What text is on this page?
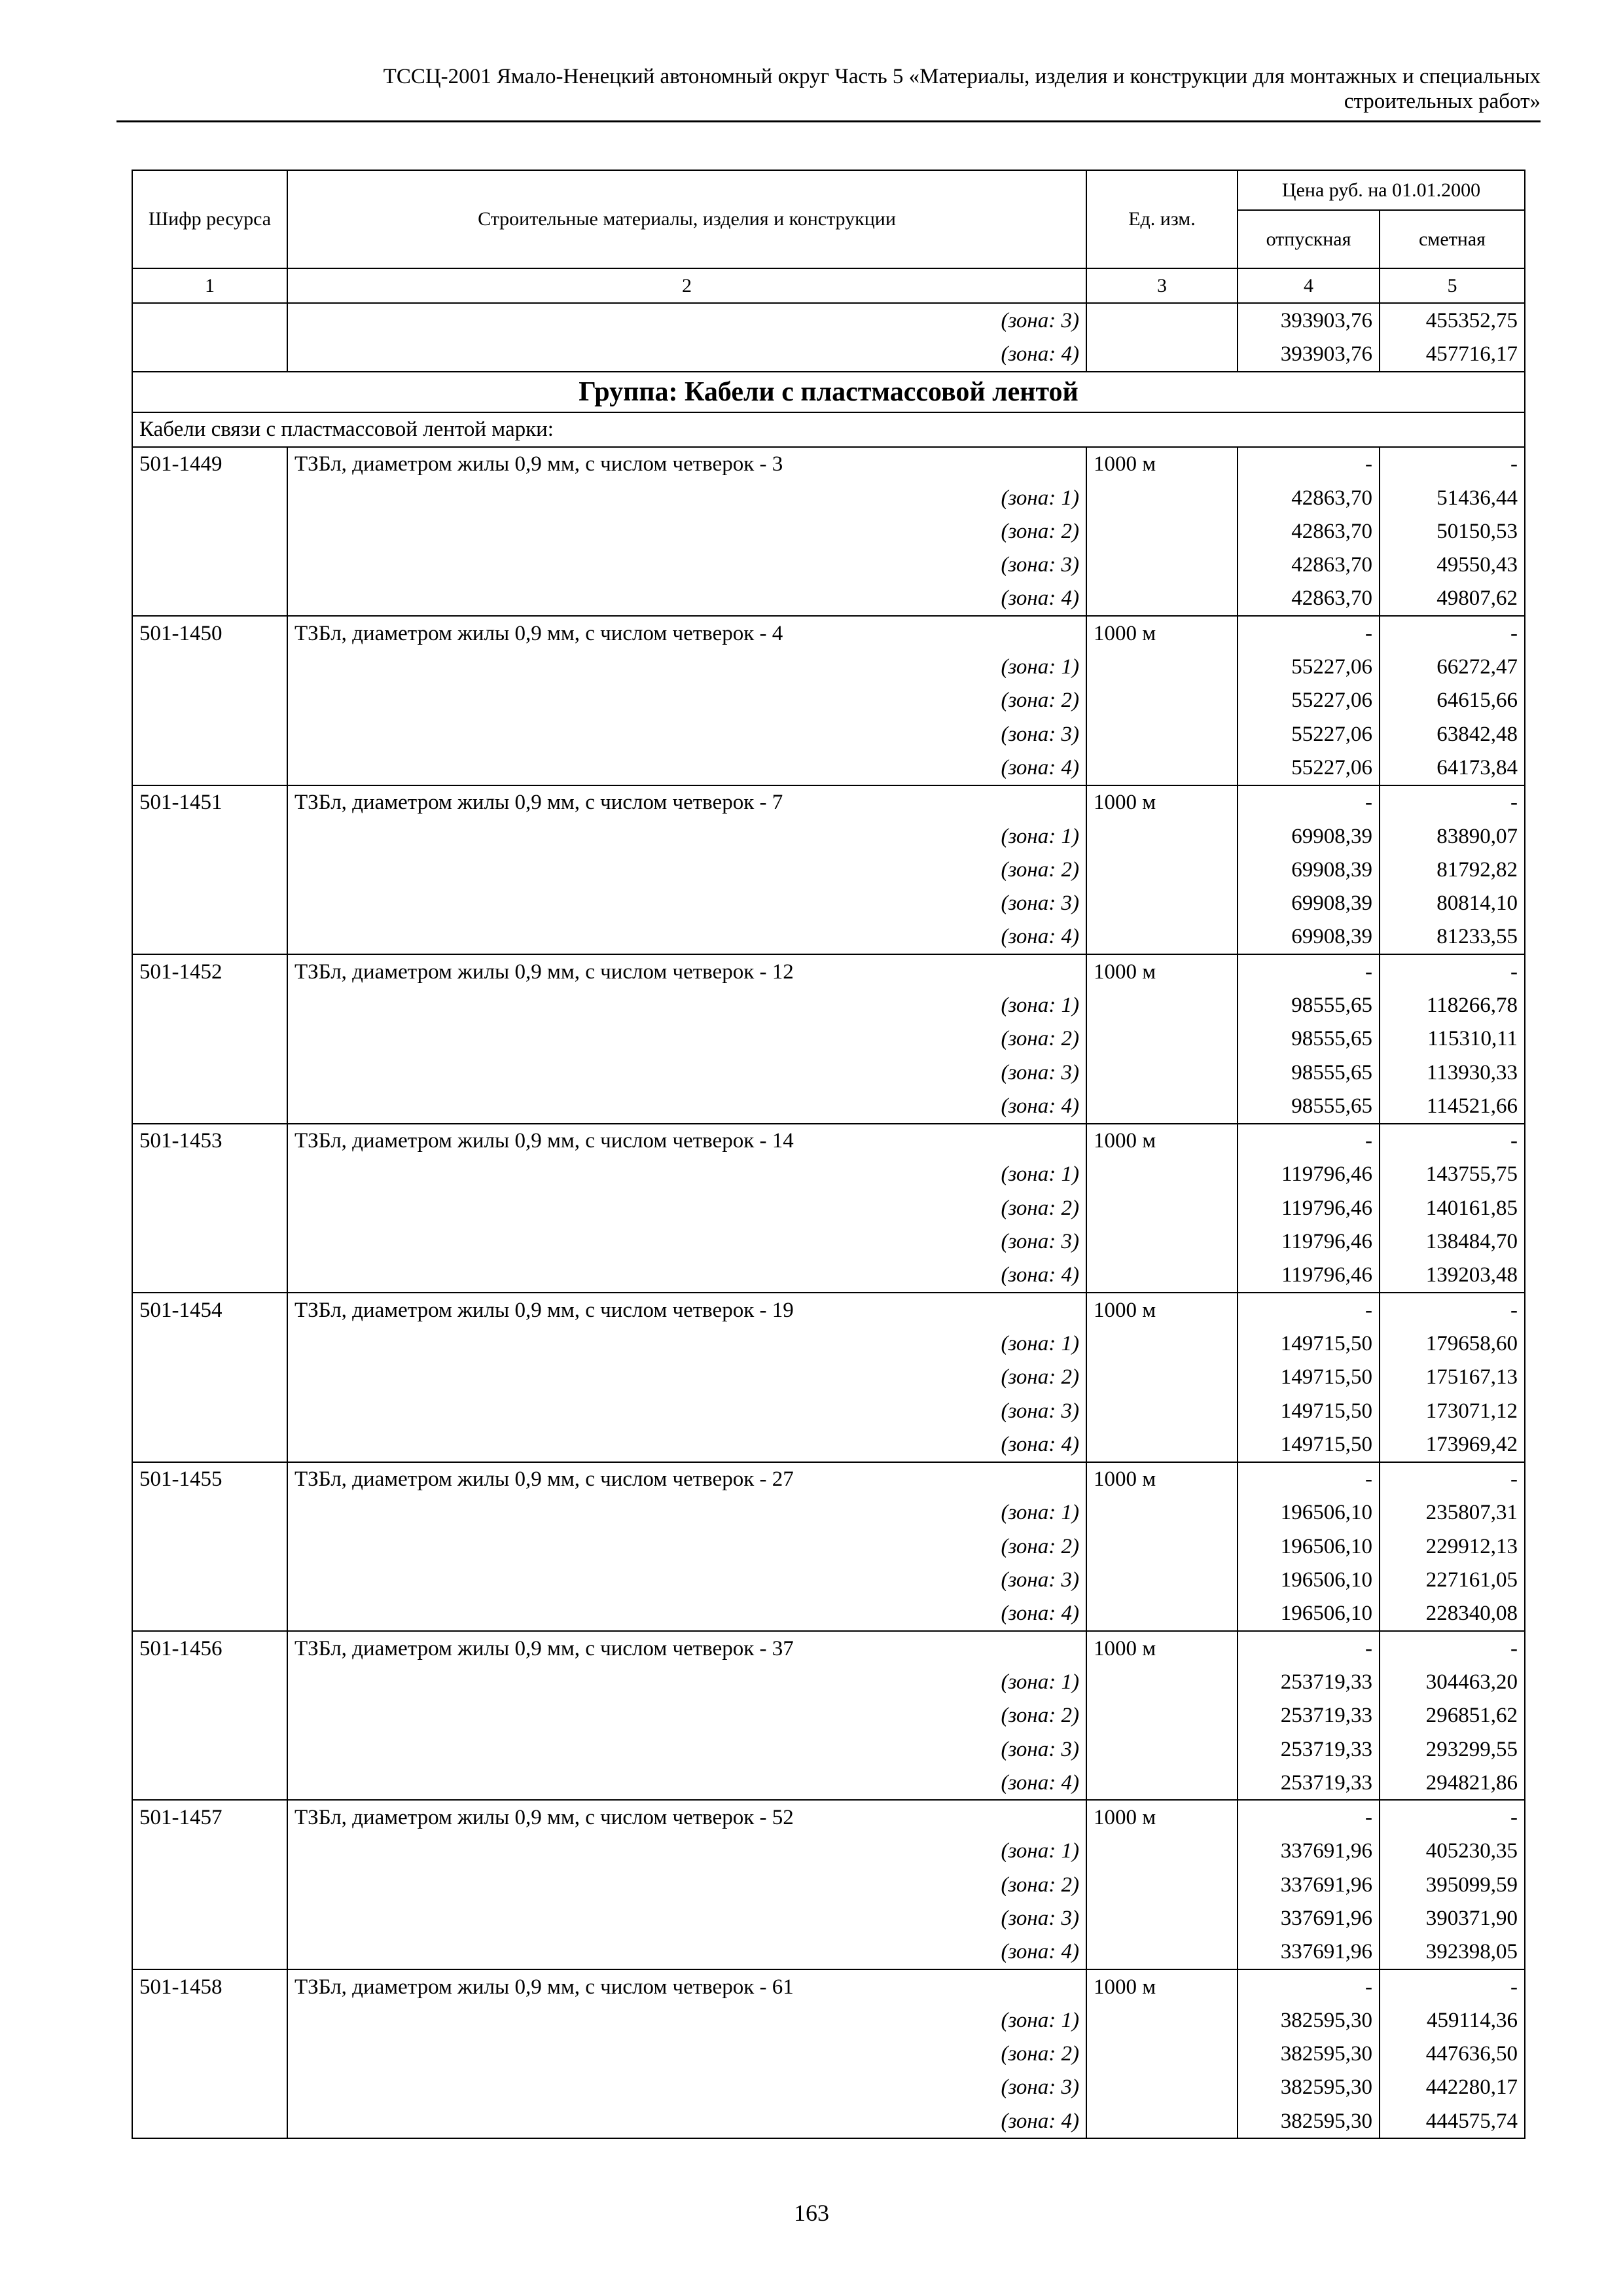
ТССЦ-2001 Ямало-Ненецкий автономный округ Часть 5 «Материалы, изделия и конструкции для монтажных и специальных
строительных работ»
Шифр ресурса	Строительные материалы, изделия и конструкции	Ед. изм.	Цена руб. на 01.01.2000	
			отпускная	сметная
1	2	3	4	5
	(зона: 3)		393903,76	455352,75
	(зона: 4)		393903,76	457716,17
Группа: Кабели с пластмассовой лентой				
Кабели связи с пластмассовой лентой марки:				
501-1449	ТЗБл, диаметром жилы 0,9 мм, с числом четверок - 3	1000 м	-	-
	(зона: 1)		42863,70	51436,44
	(зона: 2)		42863,70	50150,53
	(зона: 3)		42863,70	49550,43
	(зона: 4)		42863,70	49807,62
501-1450	ТЗБл, диаметром жилы 0,9 мм, с числом четверок - 4	1000 м	-	-
	(зона: 1)		55227,06	66272,47
	(зона: 2)		55227,06	64615,66
	(зона: 3)		55227,06	63842,48
	(зона: 4)		55227,06	64173,84
501-1451	ТЗБл, диаметром жилы 0,9 мм, с числом четверок - 7	1000 м	-	-
	(зона: 1)		69908,39	83890,07
	(зона: 2)		69908,39	81792,82
	(зона: 3)		69908,39	80814,10
	(зона: 4)		69908,39	81233,55
501-1452	ТЗБл, диаметром жилы 0,9 мм, с числом четверок - 12	1000 м	-	-
	(зона: 1)		98555,65	118266,78
	(зона: 2)		98555,65	115310,11
	(зона: 3)		98555,65	113930,33
	(зона: 4)		98555,65	114521,66
501-1453	ТЗБл, диаметром жилы 0,9 мм, с числом четверок - 14	1000 м	-	-
	(зона: 1)		119796,46	143755,75
	(зона: 2)		119796,46	140161,85
	(зона: 3)		119796,46	138484,70
	(зона: 4)		119796,46	139203,48
501-1454	ТЗБл, диаметром жилы 0,9 мм, с числом четверок - 19	1000 м	-	-
	(зона: 1)		149715,50	179658,60
	(зона: 2)		149715,50	175167,13
	(зона: 3)		149715,50	173071,12
	(зона: 4)		149715,50	173969,42
501-1455	ТЗБл, диаметром жилы 0,9 мм, с числом четверок - 27	1000 м	-	-
	(зона: 1)		196506,10	235807,31
	(зона: 2)		196506,10	229912,13
	(зона: 3)		196506,10	227161,05
	(зона: 4)		196506,10	228340,08
501-1456	ТЗБл, диаметром жилы 0,9 мм, с числом четверок - 37	1000 м	-	-
	(зона: 1)		253719,33	304463,20
	(зона: 2)		253719,33	296851,62
	(зона: 3)		253719,33	293299,55
	(зона: 4)		253719,33	294821,86
501-1457	ТЗБл, диаметром жилы 0,9 мм, с числом четверок - 52	1000 м	-	-
	(зона: 1)		337691,96	405230,35
	(зона: 2)		337691,96	395099,59
	(зона: 3)		337691,96	390371,90
	(зона: 4)		337691,96	392398,05
501-1458	ТЗБл, диаметром жилы 0,9 мм, с числом четверок - 61	1000 м	-	-
	(зона: 1)		382595,30	459114,36
	(зона: 2)		382595,30	447636,50
	(зона: 3)		382595,30	442280,17
	(зона: 4)		382595,30	444575,74
163
